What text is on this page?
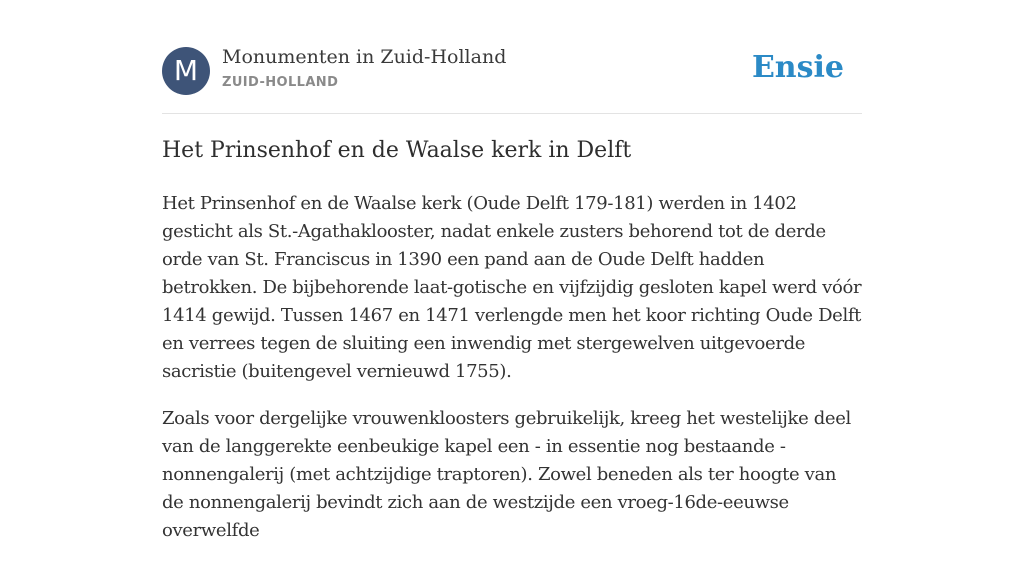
M	Monumenten in Zuid-Holland
ZUID-HOLLAND	Ensie
Het Prinsenhof en de Waalse kerk in Delft

Het Prinsenhof en de Waalse kerk (Oude Delft 179-181) werden in 1402 gesticht als St.-Agathaklooster, nadat enkele zusters behorend tot de derde orde van St. Franciscus in 1390 een pand aan de Oude Delft hadden betrokken. De bijbehorende laat-gotische en vijfzijdig gesloten kapel werd vóór 1414 gewijd. Tussen 1467 en 1471 verlengde men het koor richting Oude Delft en verrees tegen de sluiting een inwendig met stergewelven uitgevoerde sacristie (buitengevel vernieuwd 1755).

Zoals voor dergelijke vrouwenkloosters gebruikelijk, kreeg het westelijke deel van de langgerekte eenbeukige kapel een - in essentie nog bestaande - nonnengalerij (met achtzijdige traptoren). Zowel beneden als ter hoogte van de nonnengalerij bevindt zich aan de westzijde een vroeg-16de-eeuwse overwelfde
